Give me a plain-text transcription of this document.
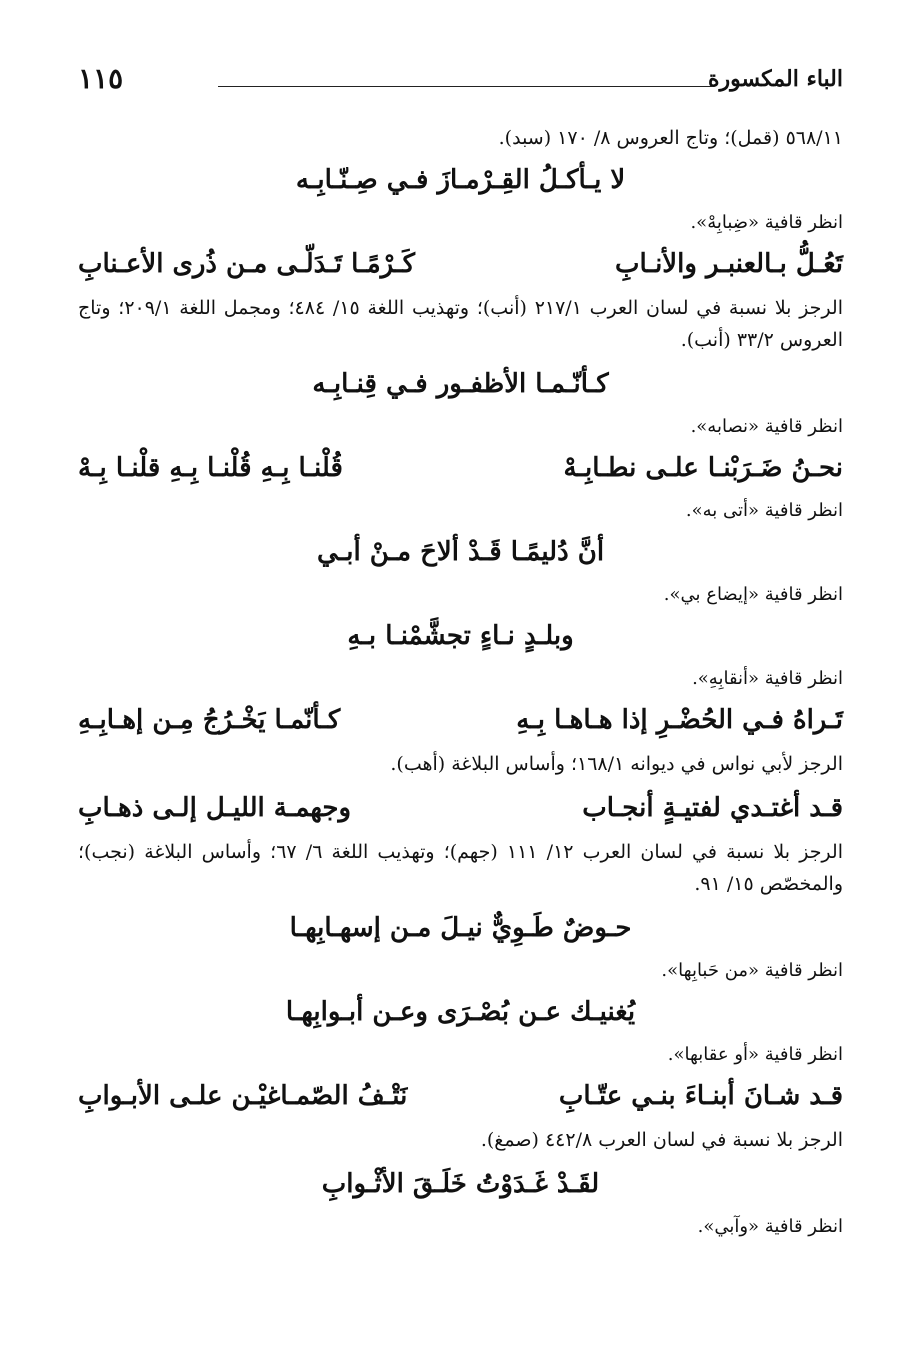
الباء المكسورة
١١٥

٥٦٨/١١ (قمل)؛ وتاج العروس ٨/ ١٧٠ (سبد).

لا يـأكـلُ القِـرْمـازَ فـي صِـنّـابِـه

انظر قافية «ضِبابِهْ».

تَعُـلُّ بـالعنبـر والأنـابِ
كَـرْمًـا تَـدَلّـى مـن ذُرى الأعـنابِ

الرجز بلا نسبة في لسان العرب ٢١٧/١ (أنب)؛ وتهذيب اللغة ١٥/ ٤٨٤؛ ومجمل اللغة ٢٠٩/١؛ وتاج العروس ٣٣/٢ (أنب).

كـأنّـمـا الأظفـور فـي قِنـابِـه

انظر قافية «نصابه».

نحـنُ ضَـرَبْنـا علـى نطـابِـهْ
قُلْنـا بِـهِ قُلْنـا بِـهِ قلْنـا بِـهْ

انظر قافية «أتى به».

أنَّ دُليمًـا قَـدْ ألاحَ مـنْ أبـي

انظر قافية «إيضاع بي».

وبلـدٍ نـاءٍ تجشَّمْنـا بـهِ

انظر قافية «أنقابِهِ».

تَـراهُ فـي الحُضْـرِ إذا هـاهـا بِـهِ
كـأنّمـا يَخْـرُجُ مِـن إهـابِـهِ

الرجز لأبي نواس في ديوانه ١٦٨/١؛ وأساس البلاغة (أهب).

قـد أغتـدي لفتيـةٍ أنجـاب
وجهمـة الليـل إلـى ذهـابِ

الرجز بلا نسبة في لسان العرب ١٢/ ١١١ (جهم)؛ وتهذيب اللغة ٦/ ٦٧؛ وأساس البلاغة (نجب)؛ والمخصّص ١٥/ ٩١.

حـوضٌ طَـوِيٌّ نيـلَ مـن إسهـابِهـا

انظر قافية «من حَبابِها».

يُغنيـك عـن بُصْـرَى وعـن أبـوابِهـا

انظر قافية «أو عقابها».

قـد شـانَ أبنـاءَ بنـي عتّـابِ
نَتْـفُ الصّمـاغيْـن علـى الأبـوابِ

الرجز بلا نسبة في لسان العرب ٤٤٢/٨ (صمغ).

لقَـدْ غَـدَوْتُ خَلَـقَ الأثْـوابِ

انظر قافية «وآبي».
